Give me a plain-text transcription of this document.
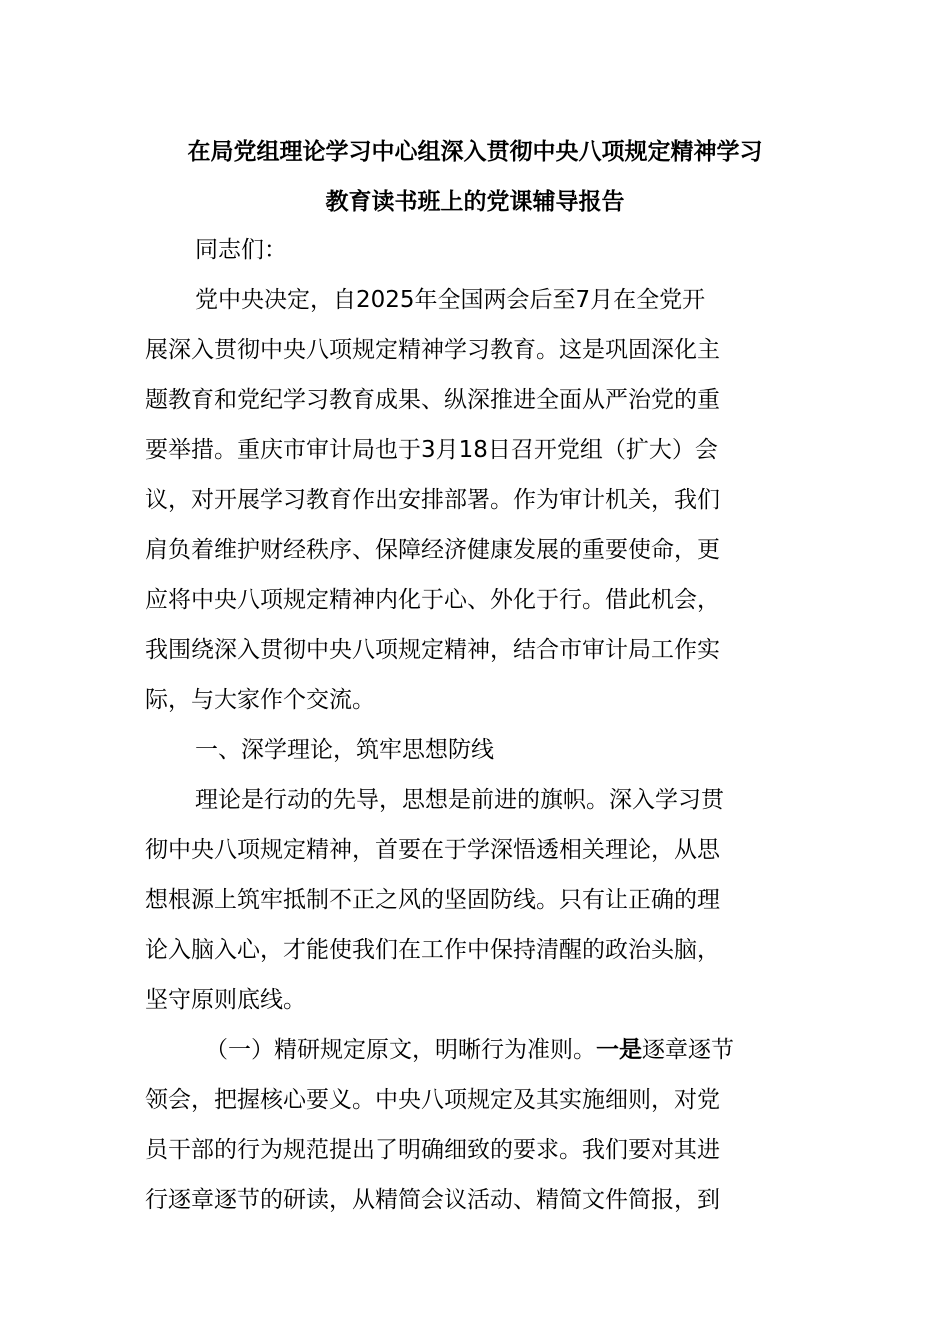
在局党组理论学习中心组深入贯彻中央八项规定精神学习
教育读书班上的党课辅导报告
同志们：
党中央决定，自2025年全国两会后至7月在全党开
展深入贯彻中央八项规定精神学习教育。这是巩固深化主
题教育和党纪学习教育成果、纵深推进全面从严治党的重
要举措。重庆市审计局也于3月18日召开党组（扩大）会
议，对开展学习教育作出安排部署。作为审计机关，我们
肩负着维护财经秩序、保障经济健康发展的重要使命，更
应将中央八项规定精神内化于心、外化于行。借此机会，
我围绕深入贯彻中央八项规定精神，结合市审计局工作实
际，与大家作个交流。
一、深学理论，筑牢思想防线
理论是行动的先导，思想是前进的旗帜。深入学习贯
彻中央八项规定精神，首要在于学深悟透相关理论，从思
想根源上筑牢抵制不正之风的坚固防线。只有让正确的理
论入脑入心，才能使我们在工作中保持清醒的政治头脑，
坚守原则底线。
（一）精研规定原文，明晰行为准则。一是逐章逐节
领会，把握核心要义。中央八项规定及其实施细则，对党
员干部的行为规范提出了明确细致的要求。我们要对其进
行逐章逐节的研读，从精简会议活动、精简文件简报，到
